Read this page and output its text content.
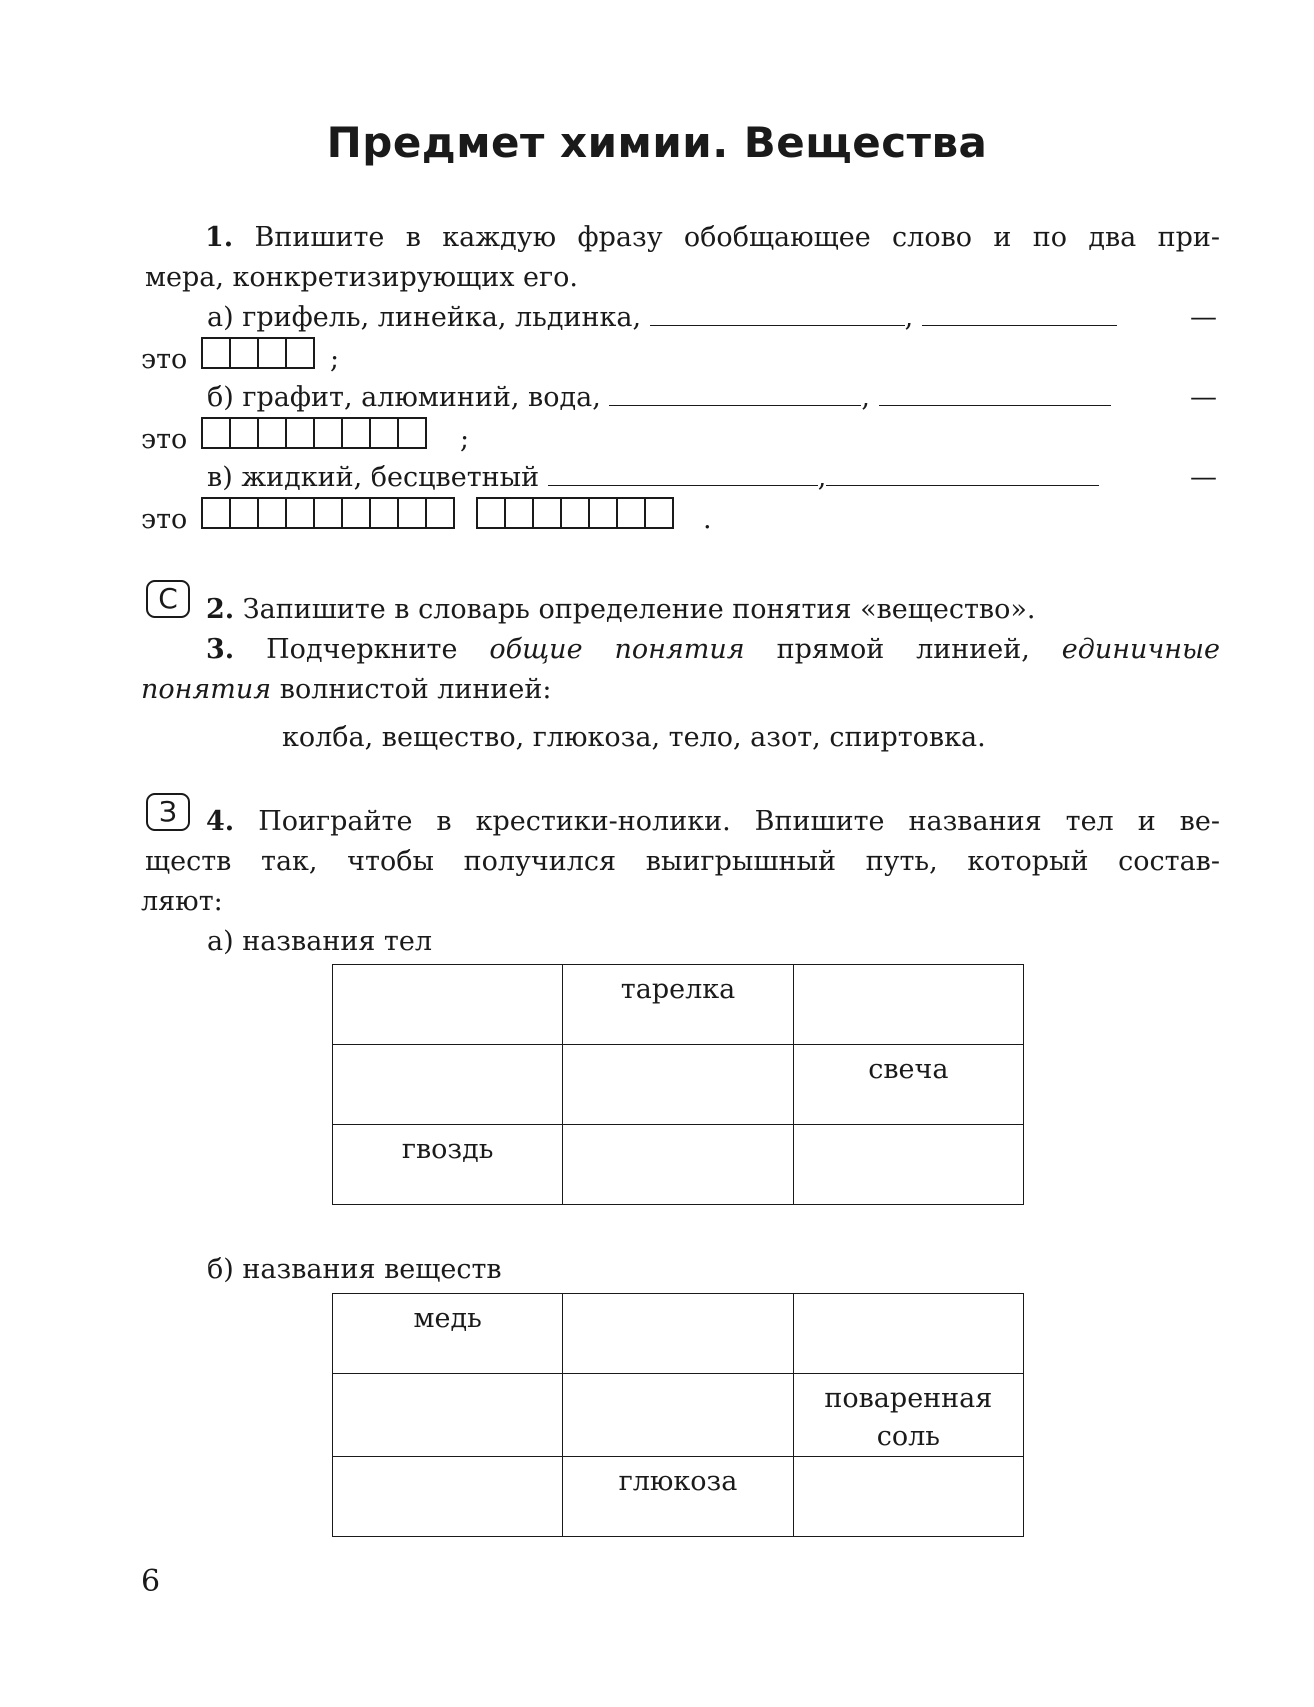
Предмет химии. Вещества
1. Впишите в каждую фразу обобщающее слово и по два при-
мера, конкретизирующих его.
а) грифель, линейка, льдинка,	,	—
это	;
б) графит, алюминий, вода,	,	—
это	;
в) жидкий, бесцветный	,	—
это	.
С	2. Запишите в словарь определение понятия «вещество».
3. Подчеркните общие понятия прямой линией, единичные
понятия волнистой линией:
колба, вещество, глюкоза, тело, азот, спиртовка.
З	4. Поиграйте в крестики-нолики. Впишите названия тел и ве-
ществ так, чтобы получился выигрышный путь, который состав-
ляют:
а) названия тел
	тарелка	
		свеча
гвоздь		
б) названия веществ
медь		
		поваренная соль
	глюкоза	
6
